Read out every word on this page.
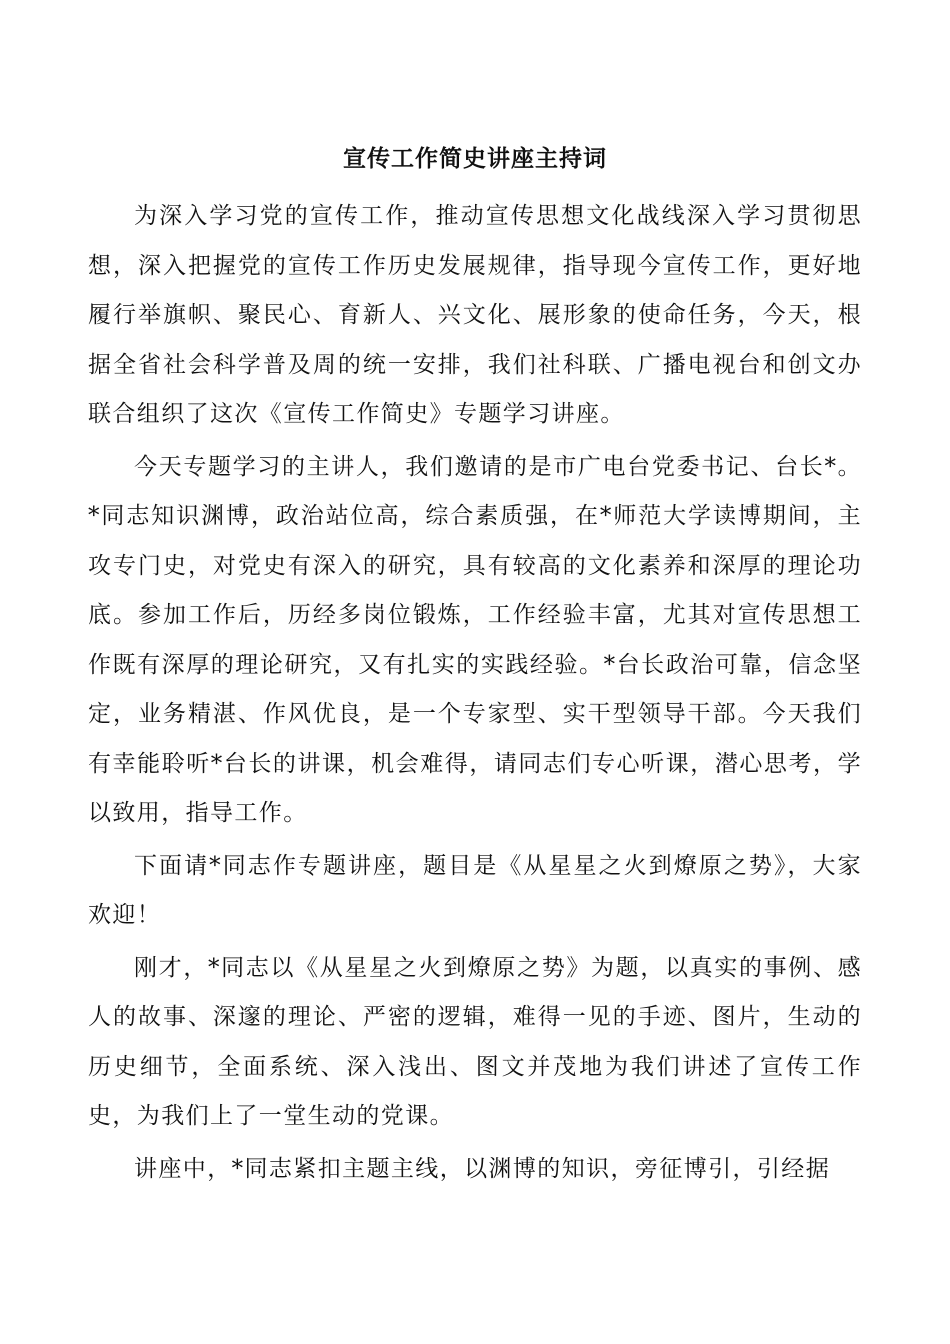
宣传工作简史讲座主持词

为深入学习党的宣传工作，推动宣传思想文化战线深入学习贯彻思想，深入把握党的宣传工作历史发展规律，指导现今宣传工作，更好地履行举旗帜、聚民心、育新人、兴文化、展形象的使命任务，今天，根据全省社会科学普及周的统一安排，我们社科联、广播电视台和创文办联合组织了这次《宣传工作简史》专题学习讲座。

今天专题学习的主讲人，我们邀请的是市广电台党委书记、台长*。*同志知识渊博，政治站位高，综合素质强，在*师范大学读博期间，主攻专门史，对党史有深入的研究，具有较高的文化素养和深厚的理论功底。参加工作后，历经多岗位锻炼，工作经验丰富，尤其对宣传思想工作既有深厚的理论研究，又有扎实的实践经验。*台长政治可靠，信念坚定，业务精湛、作风优良，是一个专家型、实干型领导干部。今天我们有幸能聆听*台长的讲课，机会难得，请同志们专心听课，潜心思考，学以致用，指导工作。

下面请*同志作专题讲座，题目是《从星星之火到燎原之势》，大家欢迎！

刚才，*同志以《从星星之火到燎原之势》为题，以真实的事例、感人的故事、深邃的理论、严密的逻辑，难得一见的手迹、图片，生动的历史细节，全面系统、深入浅出、图文并茂地为我们讲述了宣传工作史，为我们上了一堂生动的党课。

讲座中，*同志紧扣主题主线，以渊博的知识，旁征博引，引经据
